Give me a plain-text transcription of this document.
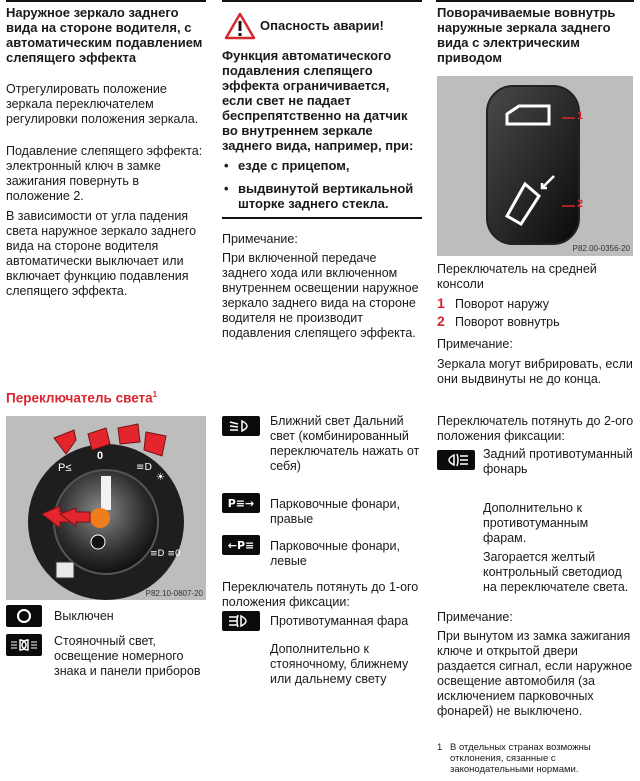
Наружное зеркало заднего вида на стороне водителя, с автоматическим подавлением слепящего эффекта
Отрегулировать положение зеркала переключателем регулировки положения зеркала.
Подавление слепящего эффекта: электронный ключ в замке зажигания повернуть в положение 2.
В зависимости от угла падения света наружное зеркало заднего вида на стороне водителя автоматически выключает или включает функцию подавления слепящего эффекта.
Опасность аварии!
Функция автоматического подавления слепящего эффекта ограничивается, если свет не падает беспрепятственно на датчик во внутреннем зеркале заднего вида, например, при:
• езде с прицепом,
• выдвинутой вертикальной шторке заднего стекла.
Примечание:
При включенной передаче заднего хода или включенном внутреннем освещении наружное зеркало заднего вида на стороне водителя не производит подавления слепящего эффекта.
Поворачиваемые вовнутрь наружные зеркала заднего вида с электрическим приводом
1
2
P82.00-0356-20
Переключатель на средней консоли
1 Поворот наружу
2 Поворот вовнутрь
Примечание:
Зеркала могут вибрировать, если они выдвинуты не до конца.
Переключатель света$^1$
≡D
☀
≡D ≡0
0
P≤
P82.10-0807-20
Выключен
Стояночный свет, освещение номерного знака и панели приборов
Ближний свет Дальний свет (комбинированный переключатель нажать от себя)
P≡→ Парковочные фонари, правые
←P≡ Парковочные фонари, левые
Переключатель потянуть до 1-ого положения фиксации:
Противотуманная фара
Дополнительно к стояночному, ближнему или дальнему свету
Переключатель потянуть до 2-ого положения фиксации:
Задний противотуманный фонарь
Дополнительно к противотуманным фарам.
Загорается желтый контрольный светодиод на переключателе света.
Примечание:
При вынутом из замка зажигания ключе и открытой двери раздается сигнал, если наружное освещение автомобиля (за исключением парковочных фонарей) не выключено.
1 В отдельных странах возможны отклонения, сязанные с законодательными нормами.
